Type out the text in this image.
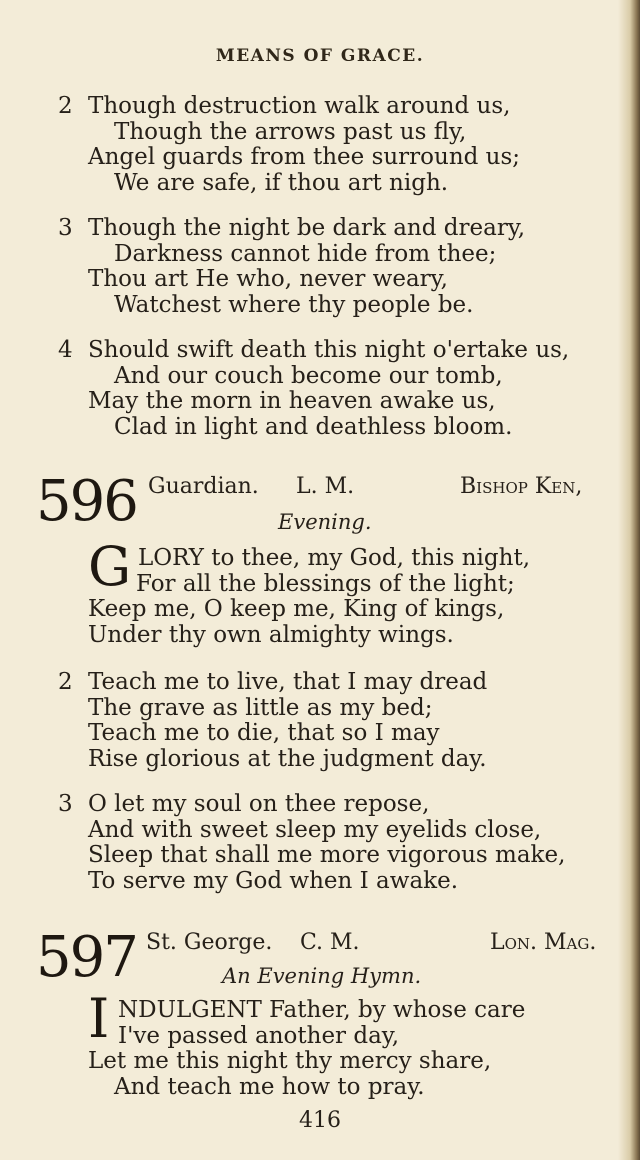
MEANS OF GRACE.
2 Though destruction walk around us,
Though the arrows past us fly,
Angel guards from thee surround us;
We are safe, if thou art nigh.
3 Though the night be dark and dreary,
Darkness cannot hide from thee;
Thou art He who, never weary,
Watchest where thy people be.
4 Should swift death this night o'ertake us,
And our couch become our tomb,
May the morn in heaven awake us,
Clad in light and deathless bloom.
596 Guardian. L. M.	Bishop Ken,
Evening.
G LORY to thee, my God, this night,
For all the blessings of the light;
Keep me, O keep me, King of kings,
Under thy own almighty wings.
2 Teach me to live, that I may dread
The grave as little as my bed;
Teach me to die, that so I may
Rise glorious at the judgment day.
3 O let my soul on thee repose,
And with sweet sleep my eyelids close,
Sleep that shall me more vigorous make,
To serve my God when I awake.
597 St. George. C. M.	Lon. Mag.
An Evening Hymn.
I NDULGENT Father, by whose care
I've passed another day,
Let me this night thy mercy share,
And teach me how to pray.
416
